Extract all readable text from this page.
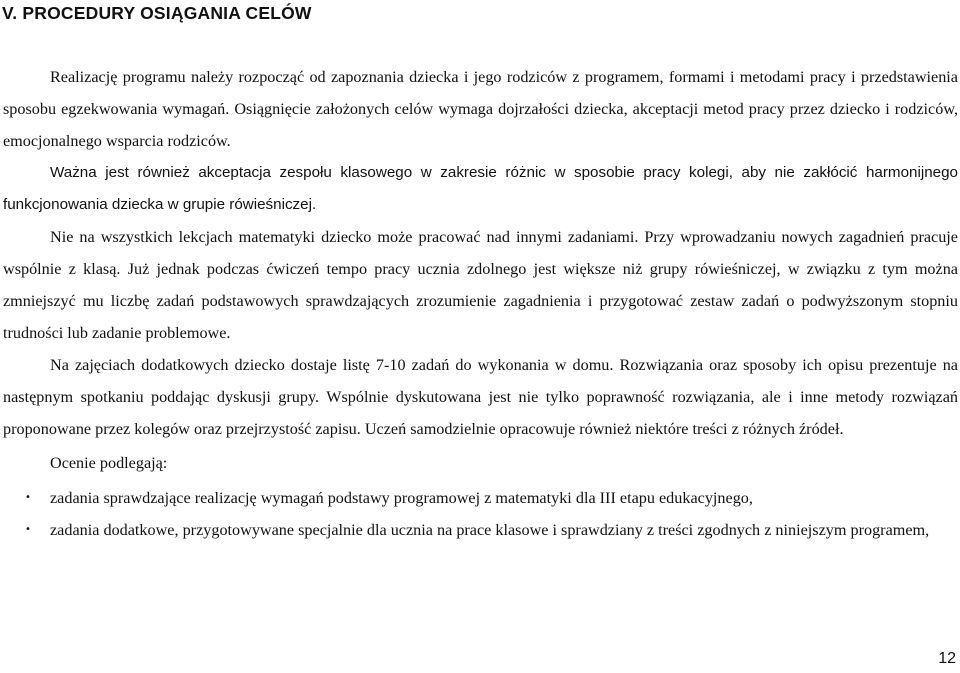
V. PROCEDURY OSIĄGANIA CELÓW

Realizację programu należy rozpocząć od zapoznania dziecka i jego rodziców z programem, formami i metodami pracy i przedstawienia sposobu egzekwowania wymagań. Osiągnięcie założonych celów wymaga dojrzałości dziecka, akceptacji metod pracy przez dziecko i rodziców, emocjonalnego wsparcia rodziców.

Ważna jest również akceptacja zespołu klasowego w zakresie różnic w sposobie pracy kolegi, aby nie zakłócić harmonijnego funkcjonowania dziecka w grupie rówieśniczej.

Nie na wszystkich lekcjach matematyki dziecko może pracować nad innymi zadaniami. Przy wprowadzaniu nowych zagadnień pracuje wspólnie z klasą. Już jednak podczas ćwiczeń tempo pracy ucznia zdolnego jest większe niż grupy rówieśniczej, w związku z tym można zmniejszyć mu liczbę zadań podstawowych sprawdzających zrozumienie zagadnienia i przygotować zestaw zadań o podwyższonym stopniu trudności lub zadanie problemowe.

Na zajęciach dodatkowych dziecko dostaje listę 7-10 zadań do wykonania w domu. Rozwiązania oraz sposoby ich opisu prezentuje na następnym spotkaniu poddając dyskusji grupy. Wspólnie dyskutowana jest nie tylko poprawność rozwiązania, ale i inne metody rozwiązań proponowane przez kolegów oraz przejrzystość zapisu. Uczeń samodzielnie opracowuje również niektóre treści z różnych źródeł.

Ocenie podlegają:

•	zadania sprawdzające realizację wymagań podstawy programowej z matematyki dla III etapu edukacyjnego,
•	zadania dodatkowe, przygotowywane specjalnie dla ucznia na prace klasowe i sprawdziany z treści zgodnych z niniejszym programem,
12
